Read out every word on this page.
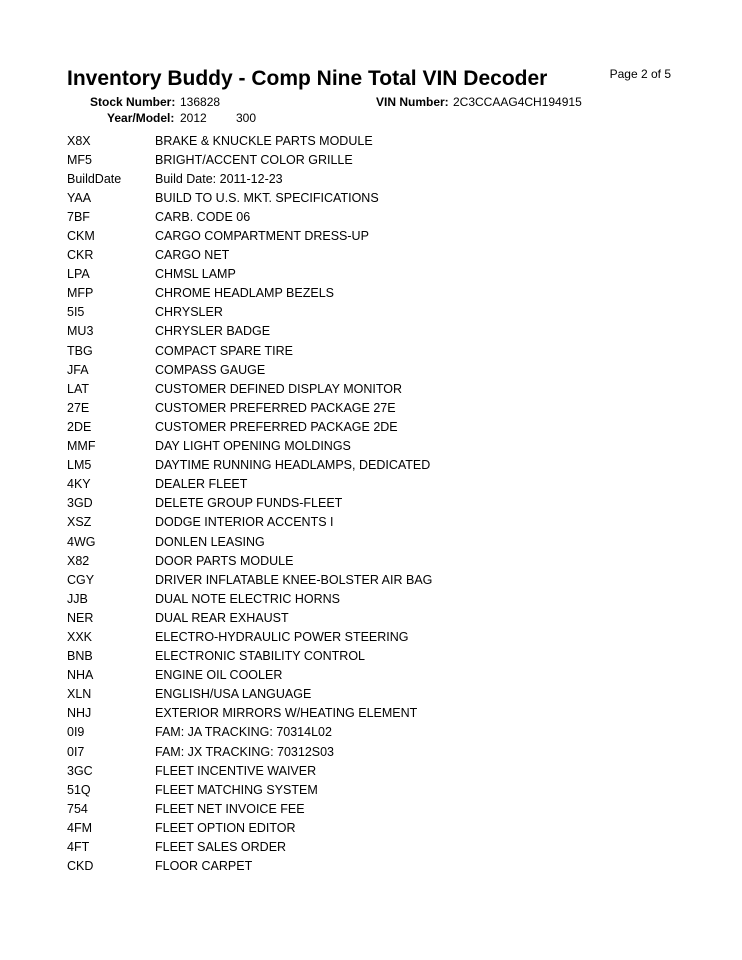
Inventory Buddy - Comp Nine Total VIN Decoder	Page 2 of 5
Stock Number: 136828	VIN Number: 2C3CCAAG4CH194915
Year/Model: 2012 300
X8X	BRAKE & KNUCKLE PARTS MODULE
MF5	BRIGHT/ACCENT COLOR GRILLE
BuildDate	Build Date: 2011-12-23
YAA	BUILD TO U.S. MKT. SPECIFICATIONS
7BF	CARB. CODE 06
CKM	CARGO COMPARTMENT DRESS-UP
CKR	CARGO NET
LPA	CHMSL LAMP
MFP	CHROME HEADLAMP BEZELS
5I5	CHRYSLER
MU3	CHRYSLER BADGE
TBG	COMPACT SPARE TIRE
JFA	COMPASS GAUGE
LAT	CUSTOMER DEFINED DISPLAY MONITOR
27E	CUSTOMER PREFERRED PACKAGE 27E
2DE	CUSTOMER PREFERRED PACKAGE 2DE
MMF	DAY LIGHT OPENING MOLDINGS
LM5	DAYTIME RUNNING HEADLAMPS, DEDICATED
4KY	DEALER FLEET
3GD	DELETE GROUP FUNDS-FLEET
XSZ	DODGE INTERIOR ACCENTS I
4WG	DONLEN LEASING
X82	DOOR PARTS MODULE
CGY	DRIVER INFLATABLE KNEE-BOLSTER AIR BAG
JJB	DUAL NOTE ELECTRIC HORNS
NER	DUAL REAR EXHAUST
XXK	ELECTRO-HYDRAULIC POWER STEERING
BNB	ELECTRONIC STABILITY CONTROL
NHA	ENGINE OIL COOLER
XLN	ENGLISH/USA LANGUAGE
NHJ	EXTERIOR MIRRORS W/HEATING ELEMENT
0I9	FAM: JA TRACKING: 70314L02
0I7	FAM: JX TRACKING: 70312S03
3GC	FLEET INCENTIVE WAIVER
51Q	FLEET MATCHING SYSTEM
754	FLEET NET INVOICE FEE
4FM	FLEET OPTION EDITOR
4FT	FLEET SALES ORDER
CKD	FLOOR CARPET
